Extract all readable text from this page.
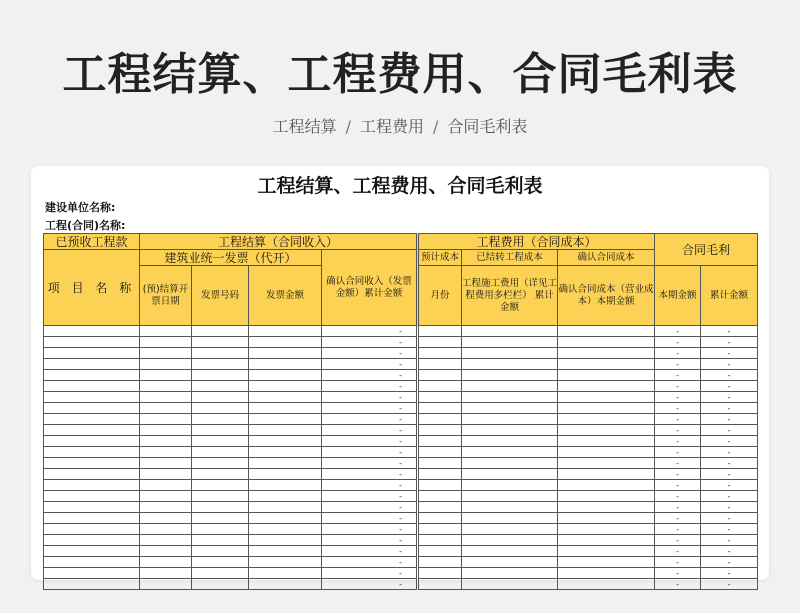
工程结算、工程费用、合同毛利表
工程结算 / 工程费用 / 合同毛利表
工程结算、工程费用、合同毛利表
建设单位名称:
工程(合同)名称:
已预收工程款	工程结算（合同收入）				工程费用（合同成本）			合同毛利	
项 目 名 称	建筑业统一发票（代开）			确认合同收入（发票金额）累计金额	预计成本	已结转工程成本	确认合同成本		
	(预)结算开票日期	发票号码	发票金额		月份	工程施工费用（详见工程费用多栏栏） 累计金额	确认合同成本（营业成本）本期金额	本期金额	累计金额
				-				-	-
				-				-	-
				-				-	-
				-				-	-
				-				-	-
				-				-	-
				-				-	-
				-				-	-
				-				-	-
				-				-	-
				-				-	-
				-				-	-
				-				-	-
				-				-	-
				-				-	-
				-				-	-
				-				-	-
				-				-	-
				-				-	-
				-				-	-
				-				-	-
				-				-	-
				-				-	-
				-				-	-
